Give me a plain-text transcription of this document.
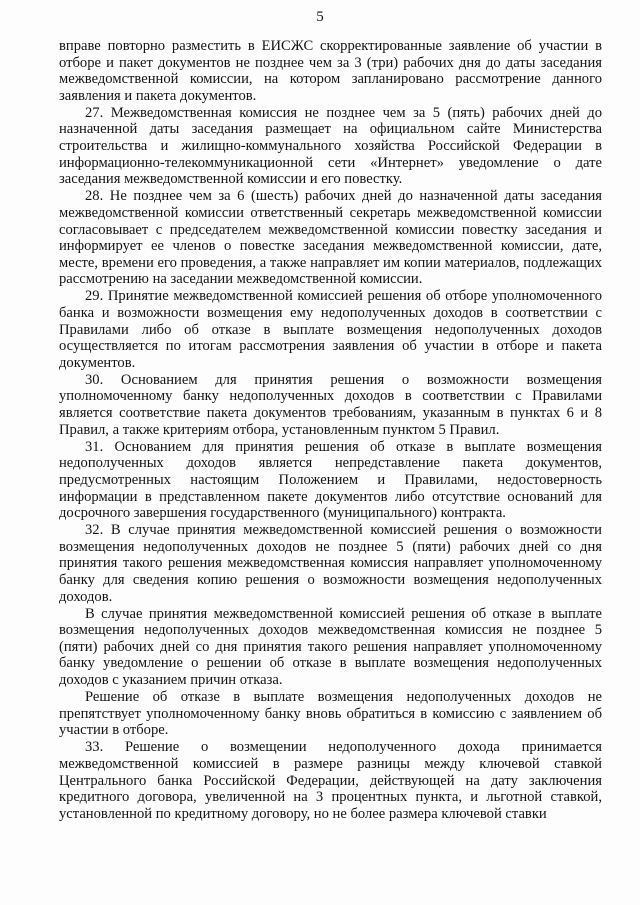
5

вправе повторно разместить в ЕИСЖС скорректированные заявление об участии в отборе и пакет документов не позднее чем за 3 (три) рабочих дня до даты заседания межведомственной комиссии, на котором запланировано рассмотрение данного заявления и пакета документов.

27. Межведомственная комиссия не позднее чем за 5 (пять) рабочих дней до назначенной даты заседания размещает на официальном сайте Министерства строительства и жилищно-коммунального хозяйства Российской Федерации в информационно-телекоммуникационной сети «Интернет» уведомление о дате заседания межведомственной комиссии и его повестку.

28. Не позднее чем за 6 (шесть) рабочих дней до назначенной даты заседания межведомственной комиссии ответственный секретарь межведомственной комиссии согласовывает с председателем межведомственной комиссии повестку заседания и информирует ее членов о повестке заседания межведомственной комиссии, дате, месте, времени его проведения, а также направляет им копии материалов, подлежащих рассмотрению на заседании межведомственной комиссии.

29. Принятие межведомственной комиссией решения об отборе уполномоченного банка и возможности возмещения ему недополученных доходов в соответствии с Правилами либо об отказе в выплате возмещения недополученных доходов осуществляется по итогам рассмотрения заявления об участии в отборе и пакета документов.

30. Основанием для принятия решения о возможности возмещения уполномоченному банку недополученных доходов в соответствии с Правилами является соответствие пакета документов требованиям, указанным в пунктах 6 и 8 Правил, а также критериям отбора, установленным пунктом 5 Правил.

31. Основанием для принятия решения об отказе в выплате возмещения недополученных доходов является непредставление пакета документов, предусмотренных настоящим Положением и Правилами, недостоверность информации в представленном пакете документов либо отсутствие оснований для досрочного завершения государственного (муниципального) контракта.

32. В случае принятия межведомственной комиссией решения о возможности возмещения недополученных доходов не позднее 5 (пяти) рабочих дней со дня принятия такого решения межведомственная комиссия направляет уполномоченному банку для сведения копию решения о возможности возмещения недополученных доходов.

В случае принятия межведомственной комиссией решения об отказе в выплате возмещения недополученных доходов межведомственная комиссия не позднее 5 (пяти) рабочих дней со дня принятия такого решения направляет уполномоченному банку уведомление о решении об отказе в выплате возмещения недополученных доходов с указанием причин отказа.

Решение об отказе в выплате возмещения недополученных доходов не препятствует уполномоченному банку вновь обратиться в комиссию с заявлением об участии в отборе.

33. Решение о возмещении недополученного дохода принимается межведомственной комиссией в размере разницы между ключевой ставкой Центрального банка Российской Федерации, действующей на дату заключения кредитного договора, увеличенной на 3 процентных пункта, и льготной ставкой, установленной по кредитному договору, но не более размера ключевой ставки
